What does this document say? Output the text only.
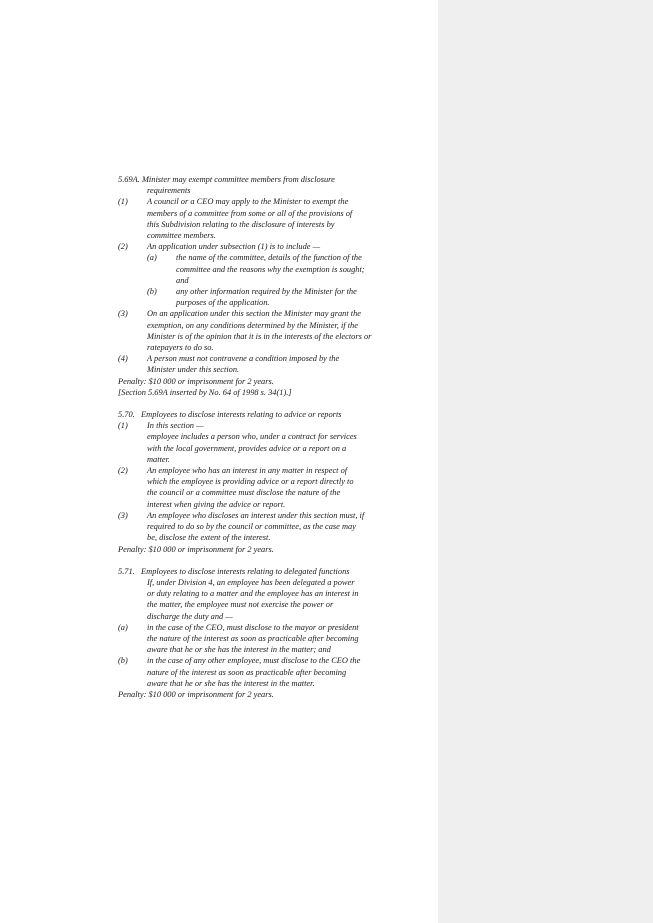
5.69A. Minister may exempt committee members from disclosure
requirements
(1) A council or a CEO may apply to the Minister to exempt the
members of a committee from some or all of the provisions of
this Subdivision relating to the disclosure of interests by
committee members.
(2) An application under subsection (1) is to include —
(a) the name of the committee, details of the function of the
committee and the reasons why the exemption is sought;
and
(b) any other information required by the Minister for the
purposes of the application.
(3) On an application under this section the Minister may grant the
exemption, on any conditions determined by the Minister, if the
Minister is of the opinion that it is in the interests of the electors or
ratepayers to do so.
(4) A person must not contravene a condition imposed by the
Minister under this section.
Penalty: $10 000 or imprisonment for 2 years.
[Section 5.69A inserted by No. 64 of 1998 s. 34(1).]
5.70.   Employees to disclose interests relating to advice or reports
(1) In this section —
employee includes a person who, under a contract for services
with the local government, provides advice or a report on a
matter.
(2) An employee who has an interest in any matter in respect of
which the employee is providing advice or a report directly to
the council or a committee must disclose the nature of the
interest when giving the advice or report.
(3) An employee who discloses an interest under this section must, if
required to do so by the council or committee, as the case may
be, disclose the extent of the interest.
Penalty: $10 000 or imprisonment for 2 years.
5.71.   Employees to disclose interests relating to delegated functions
If, under Division 4, an employee has been delegated a power
or duty relating to a matter and the employee has an interest in
the matter, the employee must not exercise the power or
discharge the duty and —
(a) in the case of the CEO, must disclose to the mayor or president
the nature of the interest as soon as practicable after becoming
aware that he or she has the interest in the matter; and
(b) in the case of any other employee, must disclose to the CEO the
nature of the interest as soon as practicable after becoming
aware that he or she has the interest in the matter.
Penalty: $10 000 or imprisonment for 2 years.
